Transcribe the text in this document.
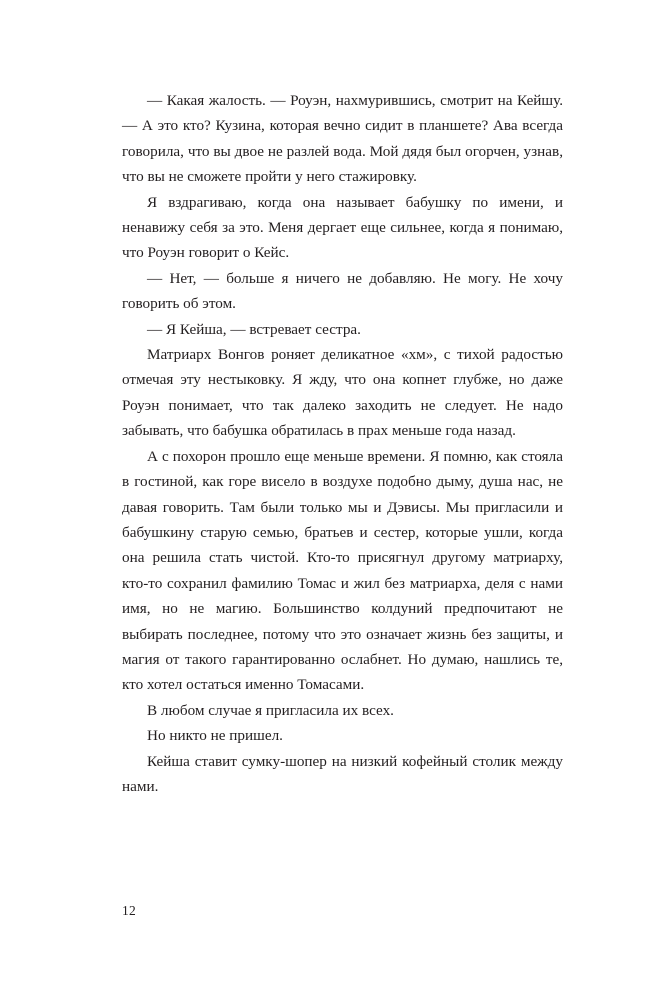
— Какая жалость. — Роуэн, нахмурившись, смотрит на Кейшу. — А это кто? Кузина, которая вечно сидит в планшете? Ава всегда говорила, что вы двое не разлей вода. Мой дядя был огорчен, узнав, что вы не сможете пройти у него стажировку.

Я вздрагиваю, когда она называет бабушку по имени, и ненавижу себя за это. Меня дергает еще сильнее, когда я понимаю, что Роуэн говорит о Кейс.

— Нет, — больше я ничего не добавляю. Не могу. Не хочу говорить об этом.

— Я Кейша, — встревает сестра.

Матриарх Вонгов роняет деликатное «хм», с тихой радостью отмечая эту нестыковку. Я жду, что она копнет глубже, но даже Роуэн понимает, что так далеко заходить не следует. Не надо забывать, что бабушка обратилась в прах меньше года назад.

А с похорон прошло еще меньше времени. Я помню, как стояла в гостиной, как горе висело в воздухе подобно дыму, душа нас, не давая говорить. Там были только мы и Дэвисы. Мы пригласили и бабушкину старую семью, братьев и сестер, которые ушли, когда она решила стать чистой. Кто-то присягнул другому матриарху, кто-то сохранил фамилию Томас и жил без матриарха, деля с нами имя, но не магию. Большинство колдуний предпочитают не выбирать последнее, потому что это означает жизнь без защиты, и магия от такого гарантированно ослабнет. Но думаю, нашлись те, кто хотел остаться именно Томасами.

В любом случае я пригласила их всех.

Но никто не пришел.

Кейша ставит сумку-шопер на низкий кофейный столик между нами.

12
